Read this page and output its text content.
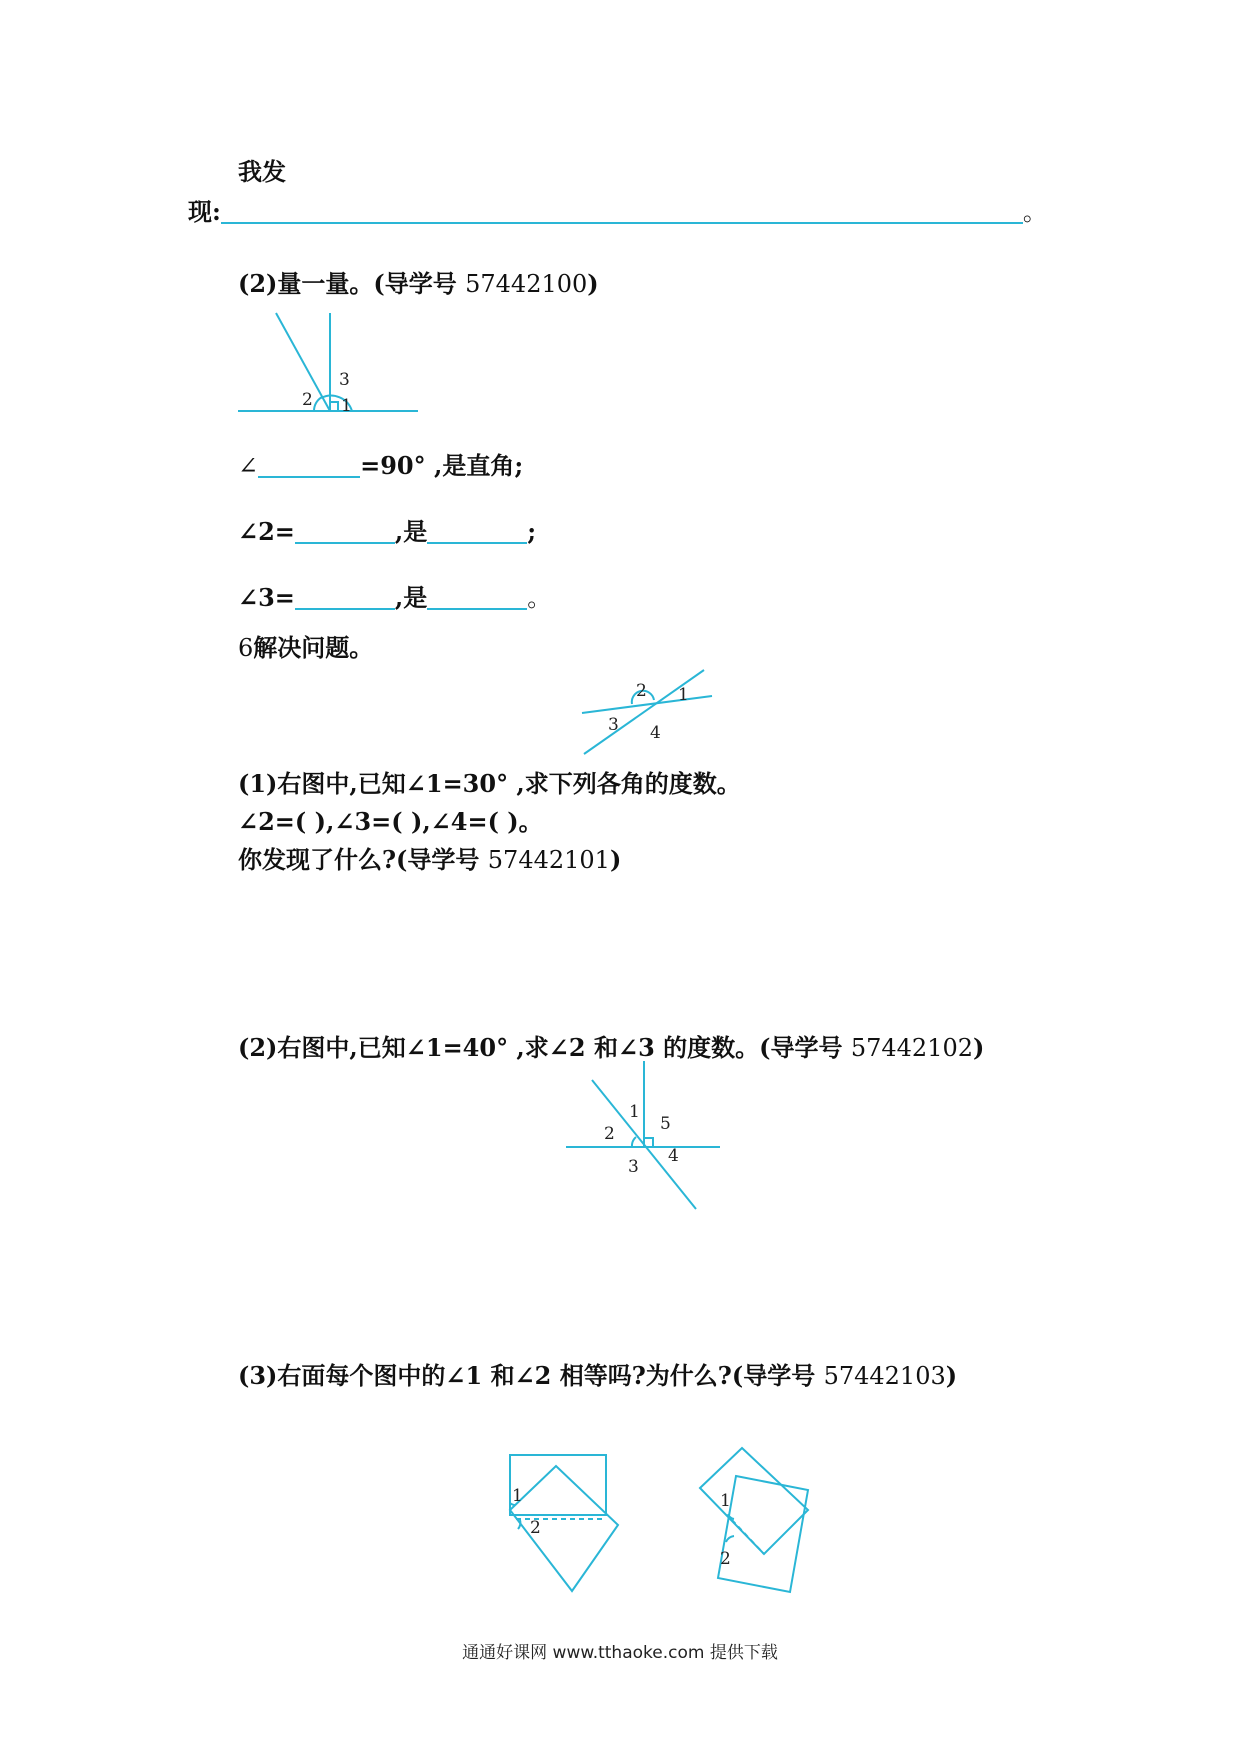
我发
现:	。
(2)量一量。(导学号 57442100)
2 1
3
∠	=90° ,是直角;
∠2=	,是	;
∠3=	,是	。
6解决问题。
2 1
3 4
(1)右图中,已知∠1=30° ,求下列各角的度数。
∠2=( ),∠3=( ),∠4=( )。
你发现了什么?(导学号 57442101)
(2)右图中,已知∠1=40° ,求∠2 和∠3 的度数。(导学号 57442102)
1
5
2
3
4
(3)右面每个图中的∠1 和∠2 相等吗?为什么?(导学号 57442103)
1
2
1
2
通通好课网 www.tthaoke.com 提供下载
